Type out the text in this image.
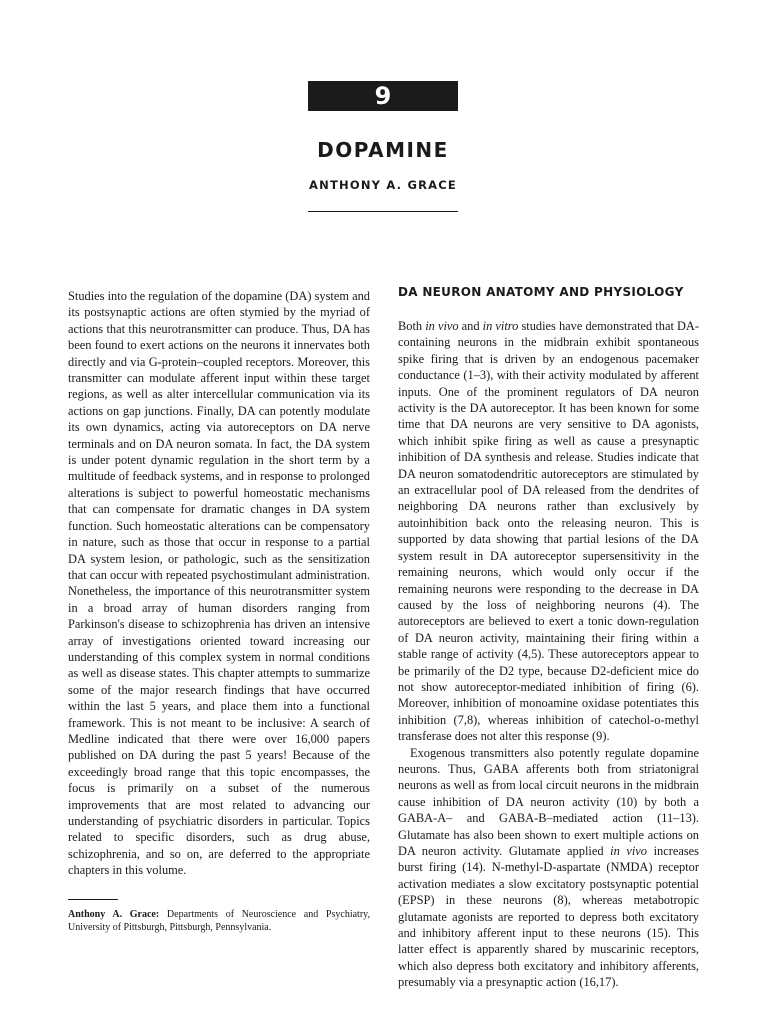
9
DOPAMINE
ANTHONY A. GRACE

Studies into the regulation of the dopamine (DA) system and its postsynaptic actions are often stymied by the myriad of actions that this neurotransmitter can produce. Thus, DA has been found to exert actions on the neurons it innervates both directly and via G-protein–coupled receptors. Moreover, this transmitter can modulate afferent input within these target regions, as well as alter intercellular communication via its actions on gap junctions. Finally, DA can potently modulate its own dynamics, acting via autoreceptors on DA nerve terminals and on DA neuron somata. In fact, the DA system is under potent dynamic regulation in the short term by a multitude of feedback systems, and in response to prolonged alterations is subject to powerful homeostatic mechanisms that can compensate for dramatic changes in DA system function. Such homeostatic alterations can be compensatory in nature, such as those that occur in response to a partial DA system lesion, or pathologic, such as the sensitization that can occur with repeated psychostimulant administration. Nonetheless, the importance of this neurotransmitter system in a broad array of human disorders ranging from Parkinson's disease to schizophrenia has driven an intensive array of investigations oriented toward increasing our understanding of this complex system in normal conditions as well as disease states. This chapter attempts to summarize some of the major research findings that have occurred within the last 5 years, and place them into a functional framework. This is not meant to be inclusive: A search of Medline indicated that there were over 16,000 papers published on DA during the past 5 years! Because of the exceedingly broad range that this topic encompasses, the focus is primarily on a subset of the numerous improvements that are most related to advancing our understanding of psychiatric disorders in particular. Topics related to specific disorders, such as drug abuse, schizophrenia, and so on, are deferred to the appropriate chapters in this volume.

Anthony A. Grace: Departments of Neuroscience and Psychiatry, University of Pittsburgh, Pittsburgh, Pennsylvania.
DA NEURON ANATOMY AND PHYSIOLOGY

Both in vivo and in vitro studies have demonstrated that DA-containing neurons in the midbrain exhibit spontaneous spike firing that is driven by an endogenous pacemaker conductance (1–3), with their activity modulated by afferent inputs. One of the prominent regulators of DA neuron activity is the DA autoreceptor. It has been known for some time that DA neurons are very sensitive to DA agonists, which inhibit spike firing as well as cause a presynaptic inhibition of DA synthesis and release. Studies indicate that DA neuron somatodendritic autoreceptors are stimulated by an extracellular pool of DA released from the dendrites of neighboring DA neurons rather than exclusively by autoinhibition back onto the releasing neuron. This is supported by data showing that partial lesions of the DA system result in DA autoreceptor supersensitivity in the remaining neurons, which would only occur if the remaining neurons were responding to the decrease in DA caused by the loss of neighboring neurons (4). The autoreceptors are believed to exert a tonic down-regulation of DA neuron activity, maintaining their firing within a stable range of activity (4,5). These autoreceptors appear to be primarily of the D2 type, because D2-deficient mice do not show autoreceptor-mediated inhibition of firing (6). Moreover, inhibition of monoamine oxidase potentiates this inhibition (7,8), whereas inhibition of catechol-o-methyl transferase does not alter this response (9).

Exogenous transmitters also potently regulate dopamine neurons. Thus, GABA afferents both from striatonigral neurons as well as from local circuit neurons in the midbrain cause inhibition of DA neuron activity (10) by both a GABA-A– and GABA-B–mediated action (11–13). Glutamate has also been shown to exert multiple actions on DA neuron activity. Glutamate applied in vivo increases burst firing (14). N-methyl-D-aspartate (NMDA) receptor activation mediates a slow excitatory postsynaptic potential (EPSP) in these neurons (8), whereas metabotropic glutamate agonists are reported to depress both excitatory and inhibitory afferent input to these neurons (15). This latter effect is apparently shared by muscarinic receptors, which also depress both excitatory and inhibitory afferents, presumably via a presynaptic action (16,17).
